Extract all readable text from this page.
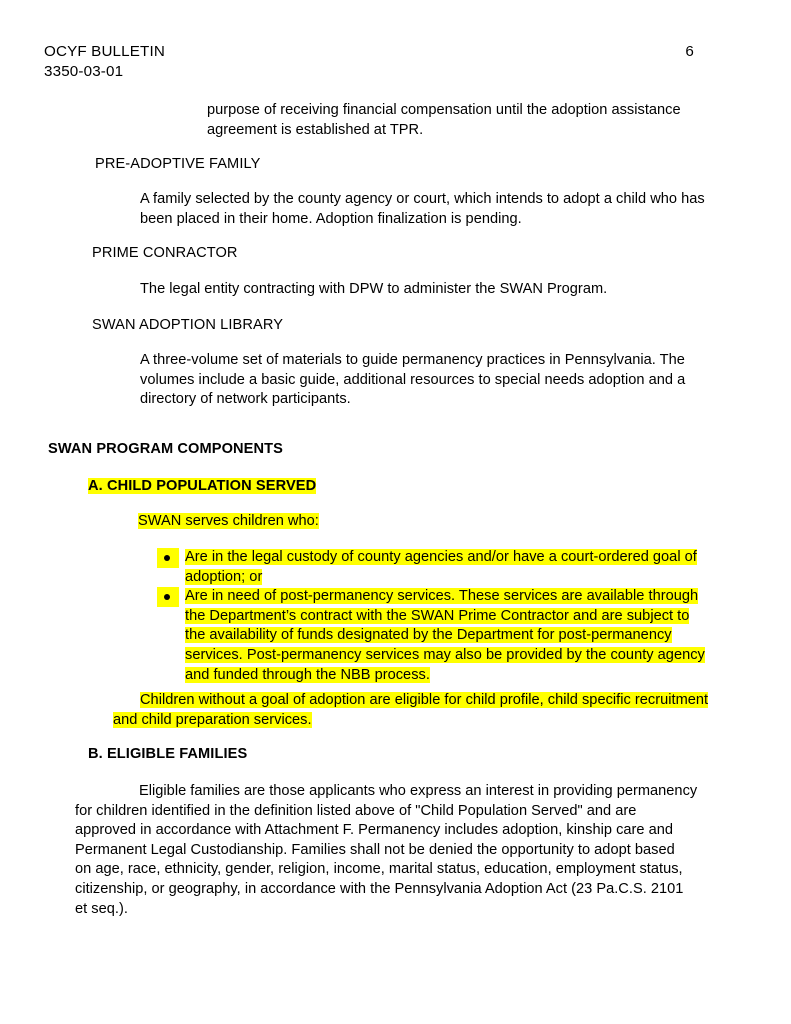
OCYF BULLETIN	6
3350-03-01
purpose of receiving financial compensation until the adoption assistance
agreement is established at TPR.
PRE-ADOPTIVE FAMILY
A family selected by the county agency or court, which intends to adopt a child who has
been placed in their home. Adoption finalization is pending.
PRIME CONRACTOR
The legal entity contracting with DPW to administer the SWAN Program.
SWAN ADOPTION LIBRARY
A three-volume set of materials to guide permanency practices in Pennsylvania. The
volumes include a basic guide, additional resources to special needs adoption and a
directory of network participants.
SWAN PROGRAM COMPONENTS
A. CHILD POPULATION SERVED
SWAN serves children who:
Are in the legal custody of county agencies and/or have a court-ordered goal of
adoption; or
Are in need of post-permanency services. These services are available through
the Department’s contract with the SWAN Prime Contractor and are subject to
the availability of funds designated by the Department for post-permanency
services. Post-permanency services may also be provided by the county agency
and funded through the NBB process.
Children without a goal of adoption are eligible for child profile, child specific recruitment
and child preparation services.
B. ELIGIBLE FAMILIES
Eligible families are those applicants who express an interest in providing permanency
for children identified in the definition listed above of "Child Population Served" and are
approved in accordance with Attachment F. Permanency includes adoption, kinship care and
Permanent Legal Custodianship. Families shall not be denied the opportunity to adopt based
on age, race, ethnicity, gender, religion, income, marital status, education, employment status,
citizenship, or geography, in accordance with the Pennsylvania Adoption Act (23 Pa.C.S. 2101
et seq.).
